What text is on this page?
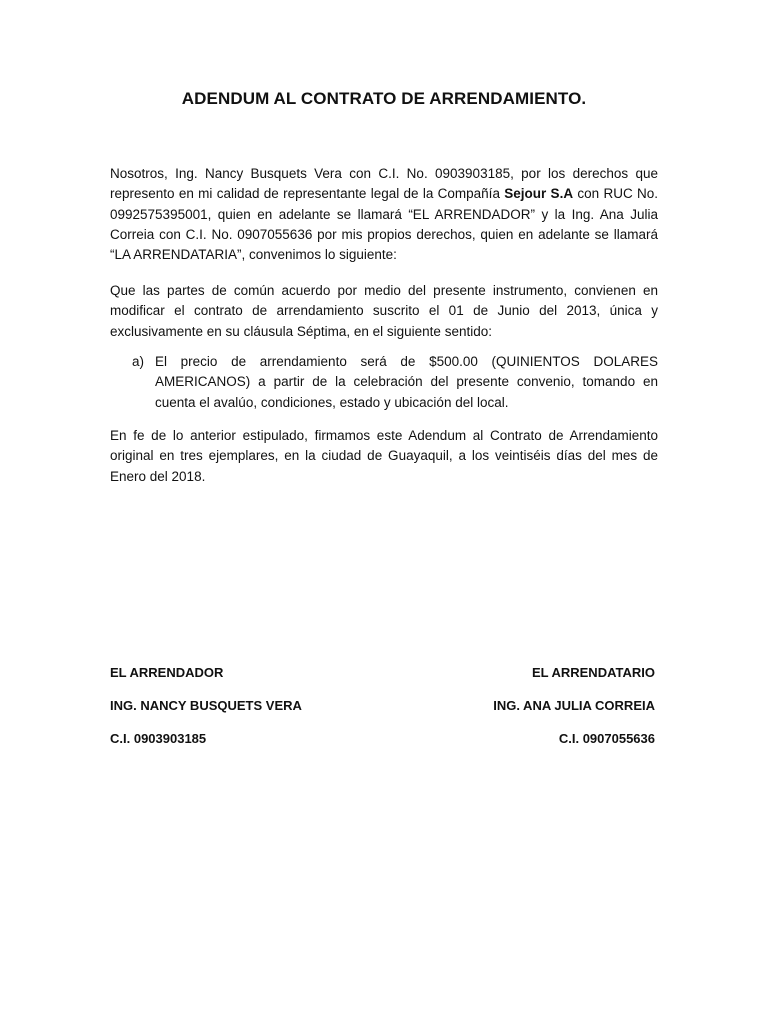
ADENDUM AL CONTRATO DE ARRENDAMIENTO.

Nosotros, Ing. Nancy Busquets Vera con C.I. No. 0903903185, por los derechos que represento en mi calidad de representante legal de la Compañía Sejour S.A con RUC No. 0992575395001, quien en adelante se llamará “EL ARRENDADOR” y la Ing. Ana Julia Correia con C.I. No. 0907055636 por mis propios derechos, quien en adelante se llamará “LA ARRENDATARIA”, convenimos lo siguiente:

Que las partes de común acuerdo por medio del presente instrumento, convienen en modificar el contrato de arrendamiento suscrito el 01 de Junio del 2013, única y exclusivamente en su cláusula Séptima, en el siguiente sentido:

a) El precio de arrendamiento será de $500.00 (QUINIENTOS DOLARES AMERICANOS) a partir de la celebración del presente convenio, tomando en cuenta el avalúo, condiciones, estado y ubicación del local.

En fe de lo anterior estipulado, firmamos este Adendum al Contrato de Arrendamiento original en tres ejemplares, en la ciudad de Guayaquil, a los veintiséis días del mes de Enero del 2018.

EL ARRENDADOR	EL ARRENDATARIO
ING. NANCY BUSQUETS VERA	ING. ANA JULIA CORREIA
C.I. 0903903185	C.I. 0907055636
